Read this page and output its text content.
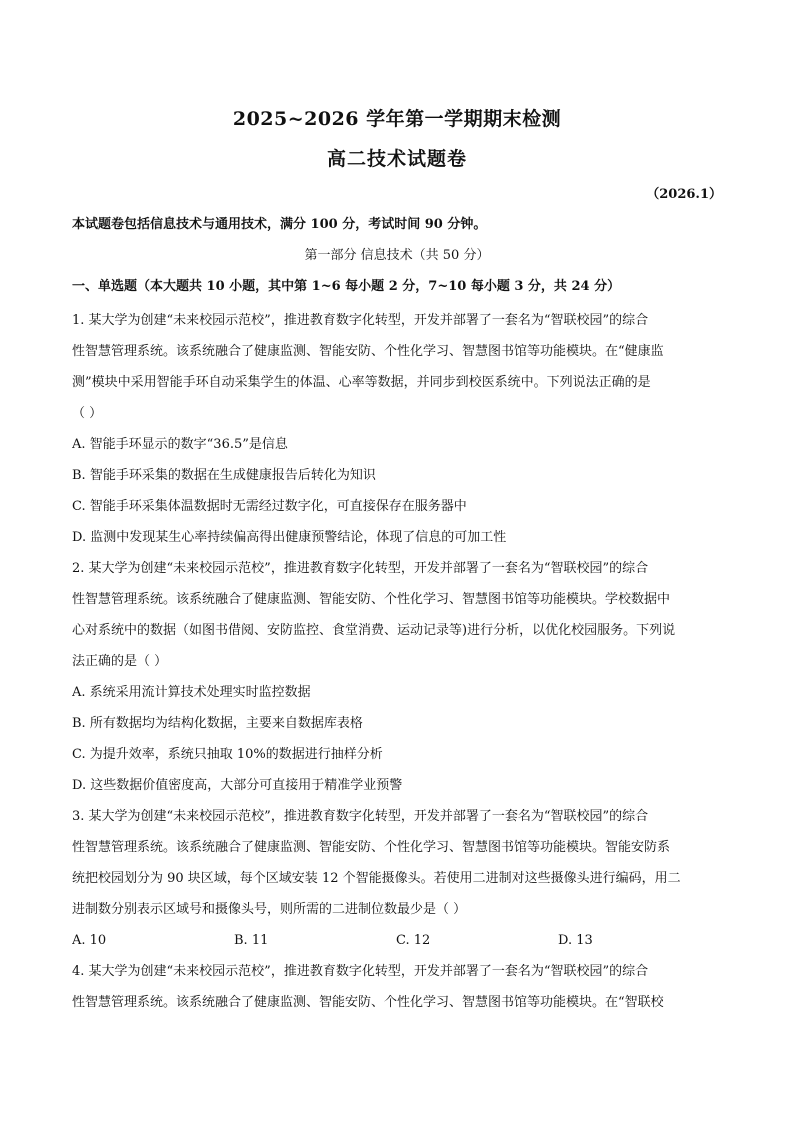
2025~2026 学年第一学期期末检测
高二技术试题卷
（2026.1）
本试题卷包括信息技术与通用技术，满分 100 分，考试时间 90 分钟。
第一部分 信息技术（共 50 分）
一、单选题（本大题共 10 小题，其中第 1~6 每小题 2 分，7~10 每小题 3 分，共 24 分）
1. 某大学为创建“未来校园示范校”，推进教育数字化转型，开发并部署了一套名为“智联校园”的综合
性智慧管理系统。该系统融合了健康监测、智能安防、个性化学习、智慧图书馆等功能模块。在“健康监
测”模块中采用智能手环自动采集学生的体温、心率等数据，并同步到校医系统中。下列说法正确的是
（ ）
A. 智能手环显示的数字“36.5”是信息
B. 智能手环采集的数据在生成健康报告后转化为知识
C. 智能手环采集体温数据时无需经过数字化，可直接保存在服务器中
D. 监测中发现某生心率持续偏高得出健康预警结论，体现了信息的可加工性
2. 某大学为创建“未来校园示范校”，推进教育数字化转型，开发并部署了一套名为“智联校园”的综合
性智慧管理系统。该系统融合了健康监测、智能安防、个性化学习、智慧图书馆等功能模块。学校数据中
心对系统中的数据（如图书借阅、安防监控、食堂消费、运动记录等)进行分析，以优化校园服务。下列说
法正确的是（ ）
A. 系统采用流计算技术处理实时监控数据
B. 所有数据均为结构化数据，主要来自数据库表格
C. 为提升效率，系统只抽取 10%的数据进行抽样分析
D. 这些数据价值密度高，大部分可直接用于精准学业预警
3. 某大学为创建“未来校园示范校”，推进教育数字化转型，开发并部署了一套名为“智联校园”的综合
性智慧管理系统。该系统融合了健康监测、智能安防、个性化学习、智慧图书馆等功能模块。智能安防系
统把校园划分为 90 块区域，每个区域安装 12 个智能摄像头。若使用二进制对这些摄像头进行编码，用二
进制数分别表示区域号和摄像头号，则所需的二进制位数最少是（ ）
A. 10	B. 11	C. 12	D. 13
4. 某大学为创建“未来校园示范校”，推进教育数字化转型，开发并部署了一套名为“智联校园”的综合
性智慧管理系统。该系统融合了健康监测、智能安防、个性化学习、智慧图书馆等功能模块。在“智联校
